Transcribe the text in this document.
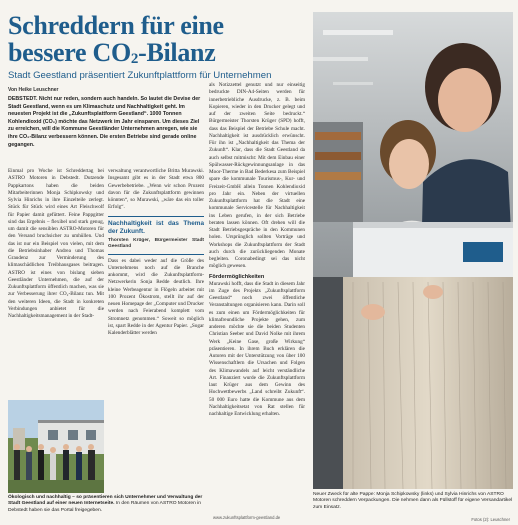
Schreddern für eine bessere CO2-Bilanz
Stadt Geestland präsentiert Zukunftplattform für Unternehmen
Von Heike Leuschner
DEBSTEDT. Nicht nur reden, sondern auch handeln. So lautet die Devise der Stadt Geestland, wenn es um Klimaschutz und Nachhaltigkeit geht. Im neuesten Projekt ist die „Zukunftsplattform Geestland“. 1000 Tonnen Kohlendioxid (CO₂) möchte das Netzwerk im Jahr einsparen. Um dieses Ziel zu erreichen, will die Kommune Geestländer Unternehmen anregen, wie sie ihre CO₂-Bilanz verbessern können. Die ersten Betriebe sind gerade online gegangen.

Einmal pro Woche ist Schreddertag bei ASTRO Motoren in Debstedt. Dutzende Pappkartons haben die beiden Mitarbeiterinnen Monja Schipkowsky und Sylvia Hinrichs in ihre Einzelteile zerlegt. Stück für Stück wird eines Art Fleischwolf für Papier damit gefüttert. Feine Pappgitter sind das Ergebnis – flexibel und stark genug, um damit die sensiblen ASTRO-Motoren für den Versand bruchsicher zu umhüllen. Und das ist nur ein Beispiel von vielen, mit dem die Betriebsinhaber Andrea und Thomas Graudenz zur Verminderung des klimaschädlichen Treibhausgases beitragen. ASTRO ist eines von bislang sieben Geestländer Unternehmen, die auf der Zukunftsplattform öffentlich machen, was sie zur Verbesserung ihrer CO₂-Bilanz tun. Mit den weiteren Ideen, die Stadt in konkreten Verbindungen anbietet für die Nachhaltigkeitsmanagement in der Stadt-

verwaltung verantwortliche Britta Murawski. Insgesamt gibt es in der Stadt etwa 800 Gewerbebetriebe. „Wenn wir schon Prozent davon für die Zukunftsplattform gewinnen könnten“, so Murawski, „wäre das ein toller Erfolg“.

Nachhaltigkeit ist das Thema der Zukunft.
Thorsten Krüger, Bürgermeister Stadt Geestland

Dass es dabei weder auf die Größe des Unternehmens noch auf die Branche ankommt, wird die Zukunftsplattform-Netzwerkerin Sonja Redde deutlich. Ihre kleine Werbeagentur in Flögeln arbeitet mit 100 Prozent Ökostrom, stellt ihr auf der neuen Homepage der „Computer und Drucker werden nach Feierabend komplett vom Stromnetz genommen.“ Soweit so möglich ist, spart Redde in der Agentur Papier. „Sogar Kalenderblätter werden

als Notizzettel genutzt und nur einseitig bedruckte DIN-A4-Seiten werden für innerbetriebliche Ausdrucke, z. B. beim Kopieren, wieder in den Drucker gelegt und auf der zweiten Seite bedruckt.“ Bürgermeister Thorsten Krüger (SPD) hofft, dass das Beispiel der Betriebe Schule macht. Nachhaltigkeit ist ausdrücklich erwünscht. Für ihn ist „Nachhaltigkeit das Thema der Zukunft“. Klar, dass die Stadt Geestland da auch selbst mitmischt: Mit dem Einbau einer Spülwasser-Rückgewinnungsanlage in das Moor-Therme in Bad Bederkesa zum Beispiel spare die kommunale Tourismus-, Kur- und Freizeit-GmbH allein Tonnen Kohlendioxid pro Jahr ein. Neben der virtuellen Zukunftsplattform hat die Stadt eine kommunale Servicestelle für Nachhaltigkeit ins Leben gerufen, in der sich Betriebe beraten lassen können. Oft drehen will die Stadt Betriebsgespräche in den Kommunen holen. Ursprünglich sollten Vorträge und Workshops die Zukunftsplattform der Stadt auch durch die zurückliegenden Monate begleiten. Coronabedingt sei das nicht möglich gewesen.

Fördermöglichkeiten

Murawski hofft, dass die Stadt in diesem Jahr im Zuge des Projekts „Zukunftsplattform Geestland“ noch zwei öffentliche Veranstaltungen organisieren kann. Darin soll es zum einen um Fördermöglichkeiten für klimafreundliche Projekte gehen, zum anderen möchte sie die beiden Studenten Christian Seeber und David Nolke mit ihrem Werk „Keine Gase, große Wirkung“ präsentieren. In ihrem Buch erklären die Autoren mit der Unterstützung von über 100 Wissenschaftlern die Ursachen und Folgen des Klimawandels auf leicht verständliche Art. Finanziert wurde die Zukunftsplattform laut Krüger aus dem Gewinn des Hochwettbewerbs „Land schreibt Zukunft“. 50 000 Euro hatte die Kommune aus dem Nachhaltigkeitsetat von Rat stellen für nachhaltige Entwicklung erhalten.

Ökologisch und nachhaltig – so präsentieren sich Unternehmer und Verwaltung der Stadt Geestland auf einer neuen Internetseite. In den Räumen von ASTRO Motoren in Debstedt haben sie das Portal freigegeben.
Neuer Zweck für alte Pappe: Monja Schipkowsky (links) und Sylvia Hinrichs von ASTRO Motoren schreddern Verpackungen. Die nehmen dann als Füllstoff für eigene Versandartikel zum Einsatz.
www.zukunftsplattform-geestland.de	Fotos (2): Leuschner
